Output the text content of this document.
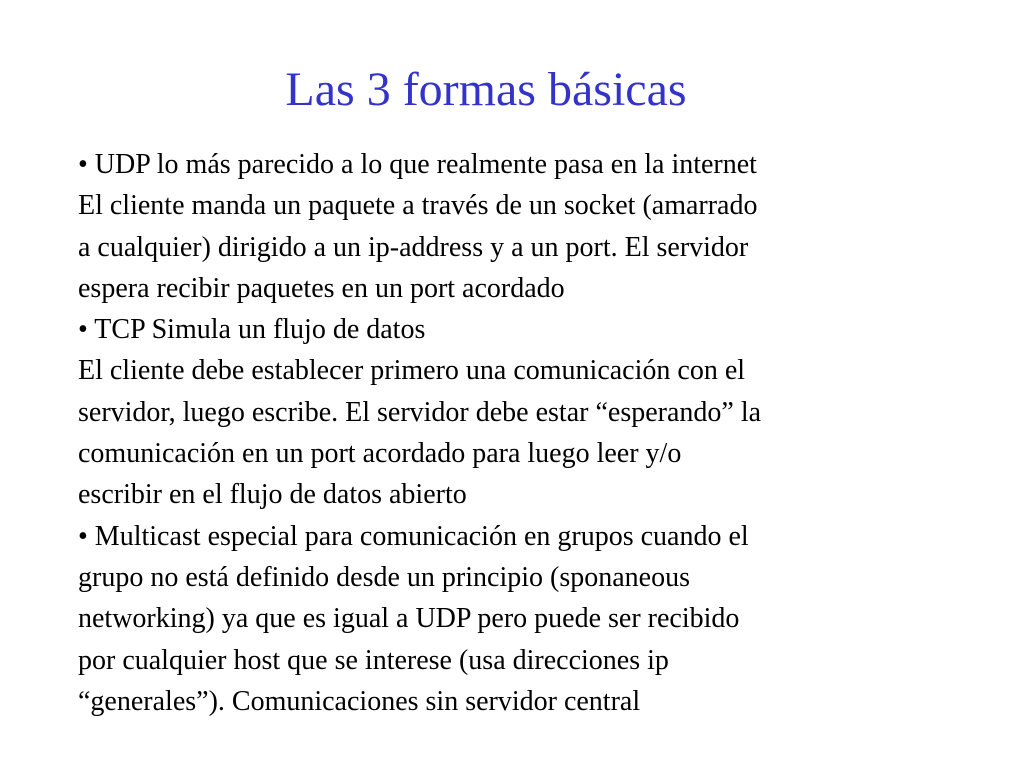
Las 3 formas básicas
• UDP lo más parecido a lo que realmente pasa en la internet
El cliente manda un paquete a través de un socket (amarrado
a cualquier) dirigido a un ip-address y a un port. El servidor
espera recibir paquetes en un port acordado
• TCP Simula un flujo de datos
El cliente debe establecer primero una comunicación con el
servidor, luego escribe. El servidor debe estar “esperando” la
comunicación en un port acordado para luego leer y/o
escribir en el flujo de datos abierto
• Multicast especial para comunicación en grupos cuando el
grupo no está definido desde un principio (sponaneous
networking) ya que es igual a UDP pero puede ser recibido
por cualquier host que se interese (usa direcciones ip
“generales”). Comunicaciones sin servidor central
